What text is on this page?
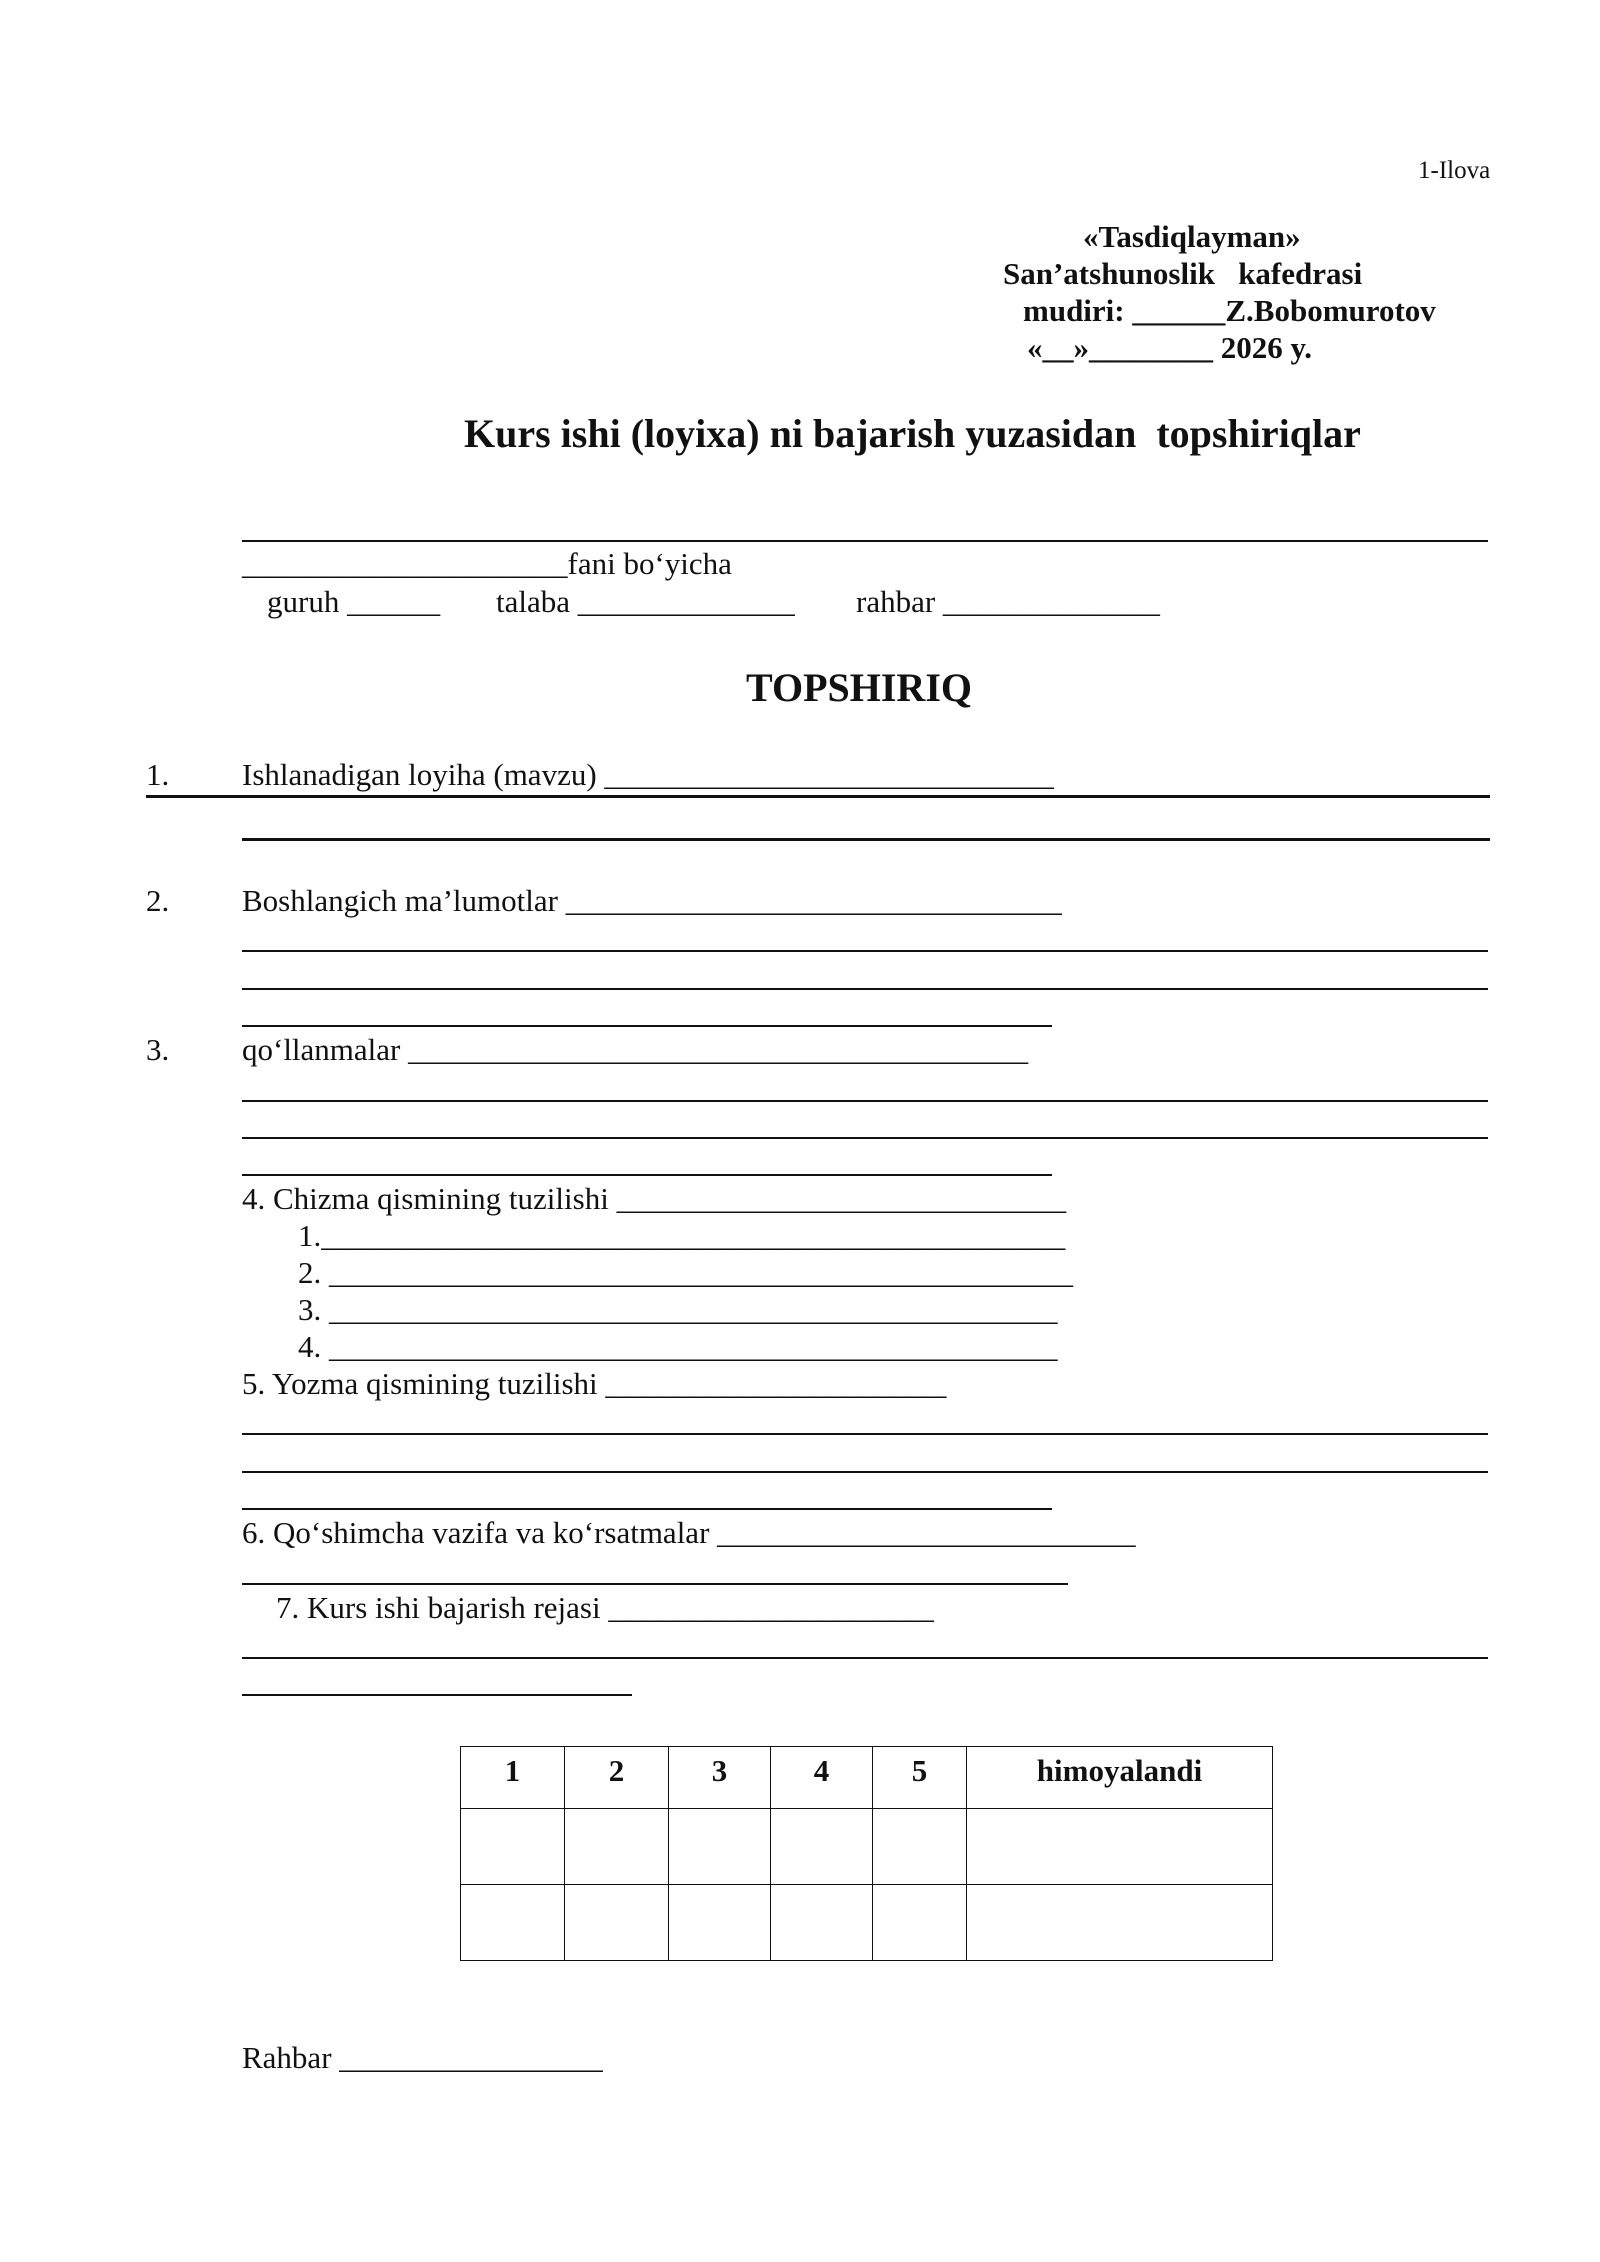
1-Ilova
«Tasdiqlayman»
San’atshunoslik   kafedrasi
mudiri: ______Z.Bobomurotov
«__»________ 2026 y.
Kurs ishi (loyixa) ni bajarish yuzasidan  topshiriqlar
_____________________fani bo‘yicha
guruh ______ talaba ______________ rahbar ______________
TOPSHIRIQ
1. Ishlanadigan loyiha (mavzu) _____________________________
2. Boshlangich ma’lumotlar ________________________________
3. qo‘llanmalar ________________________________________
4. Chizma qismining tuzilishi _____________________________
1.________________________________________________
2. ________________________________________________
3. _______________________________________________
4. _______________________________________________
5. Yozma qismining tuzilishi ______________________
6. Qo‘shimcha vazifa va ko‘rsatmalar ___________________________
7. Kurs ishi bajarish rejasi _____________________
1	2	3	4	5	himoyalandi

Rahbar _________________
